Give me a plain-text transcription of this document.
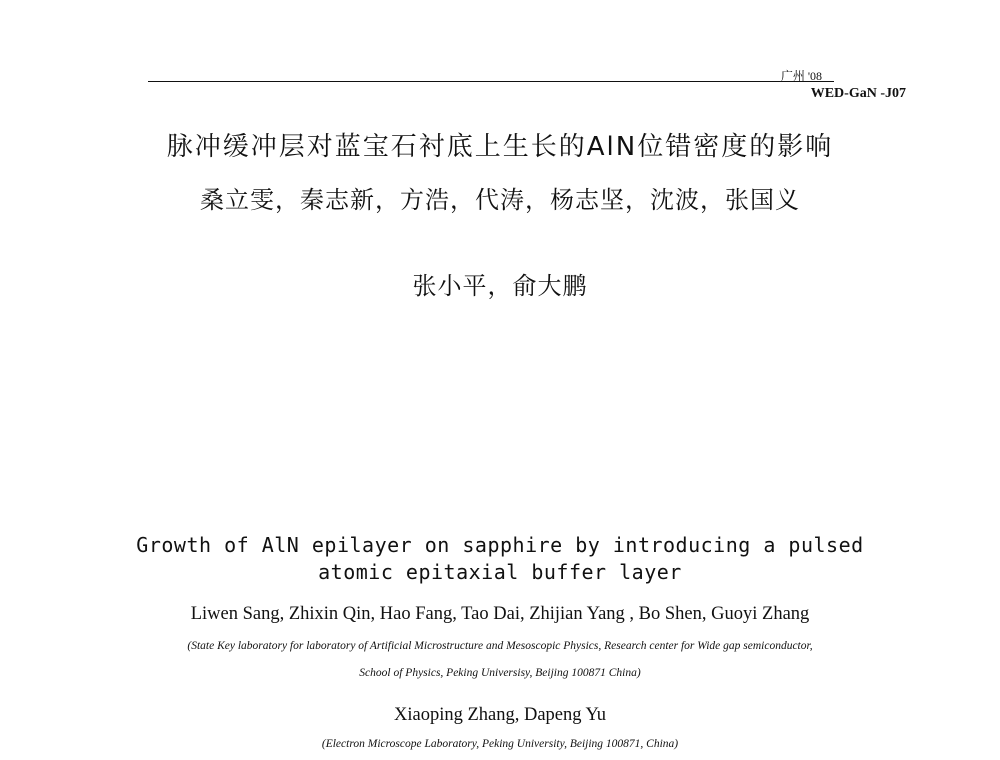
广州 '08
WED-GaN -J07
脉冲缓冲层对蓝宝石衬底上生长的AlN位错密度的影响
桑立雯，秦志新，方浩，代涛，杨志坚，沈波，张国义
张小平，俞大鹏
Growth of AlN epilayer on sapphire by introducing a pulsed
atomic epitaxial buffer layer
Liwen Sang, Zhixin Qin, Hao Fang, Tao Dai, Zhijian Yang , Bo Shen, Guoyi Zhang
(State Key laboratory for laboratory of Artificial Microstructure and Mesoscopic Physics, Research center for Wide gap semiconductor,
School of Physics, Peking Universisy, Beijing 100871 China)
Xiaoping Zhang, Dapeng Yu
(Electron Microscope Laboratory, Peking University, Beijing 100871, China)
